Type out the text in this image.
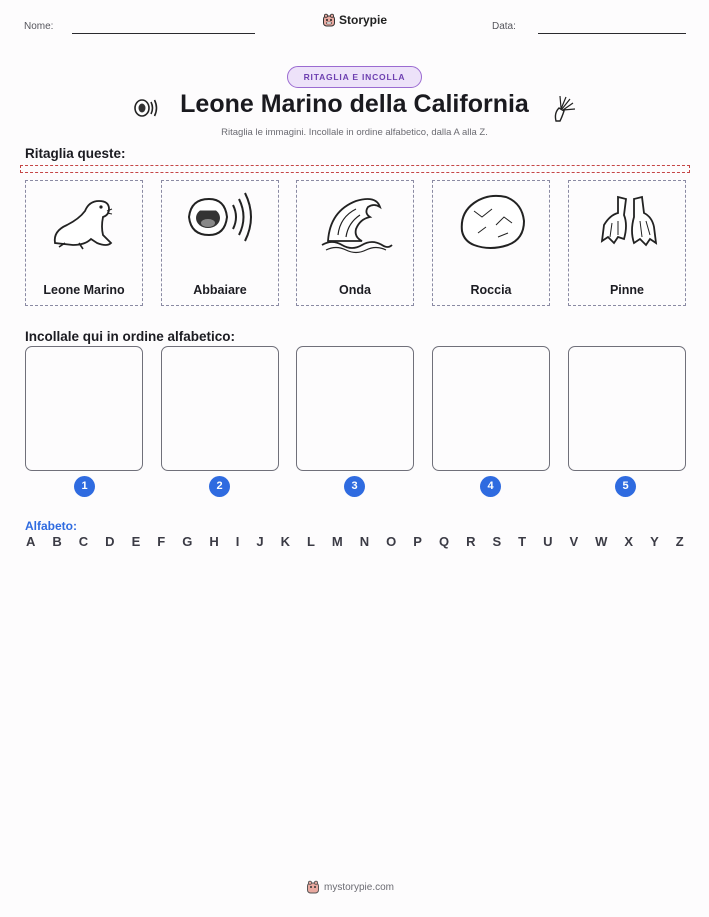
Nome:	Storypie	Data:
RITAGLIA E INCOLLA
Leone Marino della California
Ritaglia le immagini. Incollale in ordine alfabetico, dalla A alla Z.
Ritaglia queste:
Leone Marino	Abbaiare	Onda	Roccia	Pinne
Incollale qui in ordine alfabetico:
1	2	3	4	5
Alfabeto:
A B C D E F G H I J K L M N O P Q R S T U V W X Y Z
mystorypie.com
